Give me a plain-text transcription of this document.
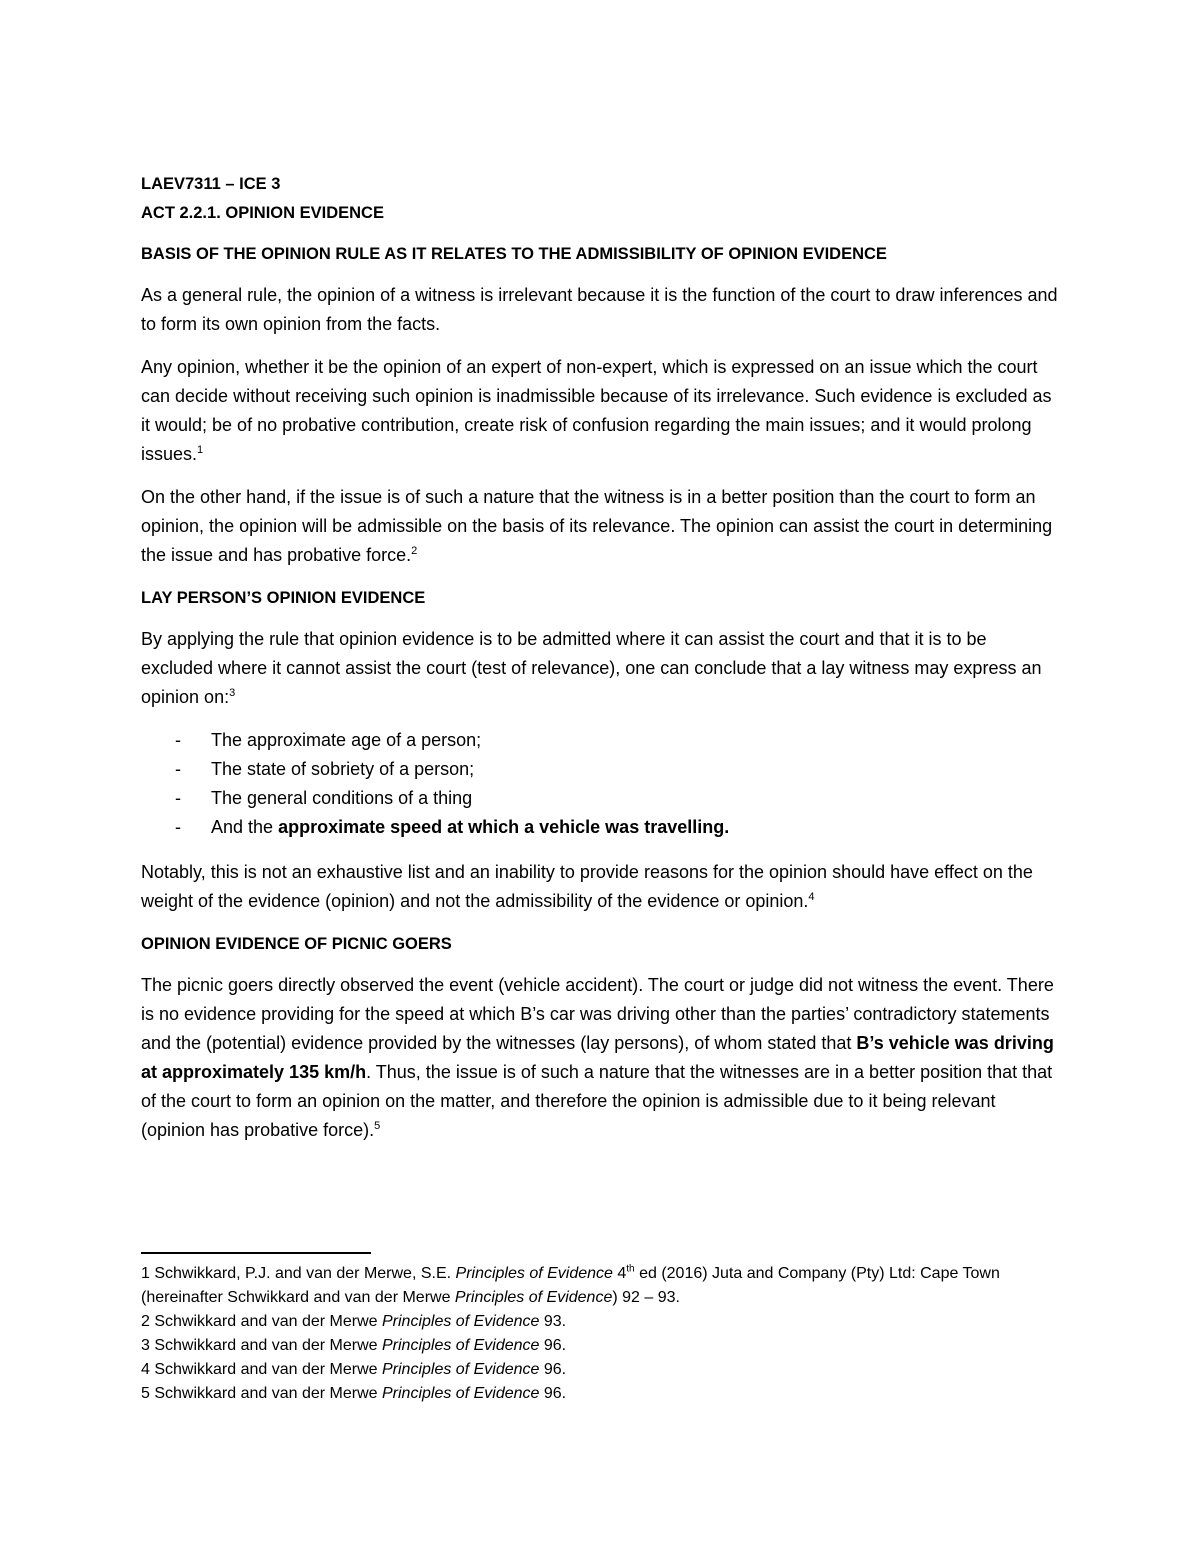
LAEV7311 – ICE 3
ACT 2.2.1. OPINION EVIDENCE
BASIS OF THE OPINION RULE AS IT RELATES TO THE ADMISSIBILITY OF OPINION EVIDENCE

As a general rule, the opinion of a witness is irrelevant because it is the function of the court to draw inferences and to form its own opinion from the facts.

Any opinion, whether it be the opinion of an expert of non-expert, which is expressed on an issue which the court can decide without receiving such opinion is inadmissible because of its irrelevance. Such evidence is excluded as it would; be of no probative contribution, create risk of confusion regarding the main issues; and it would prolong issues.$^1$

On the other hand, if the issue is of such a nature that the witness is in a better position than the court to form an opinion, the opinion will be admissible on the basis of its relevance. The opinion can assist the court in determining the issue and has probative force.$^2$

LAY PERSON’S OPINION EVIDENCE

By applying the rule that opinion evidence is to be admitted where it can assist the court and that it is to be excluded where it cannot assist the court (test of relevance), one can conclude that a lay witness may express an opinion on:$^3$

- The approximate age of a person;
- The state of sobriety of a person;
- The general conditions of a thing
- And the approximate speed at which a vehicle was travelling.

Notably, this is not an exhaustive list and an inability to provide reasons for the opinion should have effect on the weight of the evidence (opinion) and not the admissibility of the evidence or opinion.$^4$

OPINION EVIDENCE OF PICNIC GOERS

The picnic goers directly observed the event (vehicle accident). The court or judge did not witness the event. There is no evidence providing for the speed at which B’s car was driving other than the parties’ contradictory statements and the (potential) evidence provided by the witnesses (lay persons), of whom stated that B’s vehicle was driving at approximately 135 km/h. Thus, the issue is of such a nature that the witnesses are in a better position that that of the court to form an opinion on the matter, and therefore the opinion is admissible due to it being relevant (opinion has probative force).$^5$

1 Schwikkard, P.J. and van der Merwe, S.E. Principles of Evidence 4th ed (2016) Juta and Company (Pty) Ltd: Cape Town (hereinafter Schwikkard and van der Merwe Principles of Evidence) 92 – 93.

2 Schwikkard and van der Merwe Principles of Evidence 93.

3 Schwikkard and van der Merwe Principles of Evidence 96.

4 Schwikkard and van der Merwe Principles of Evidence 96.

5 Schwikkard and van der Merwe Principles of Evidence 96.
